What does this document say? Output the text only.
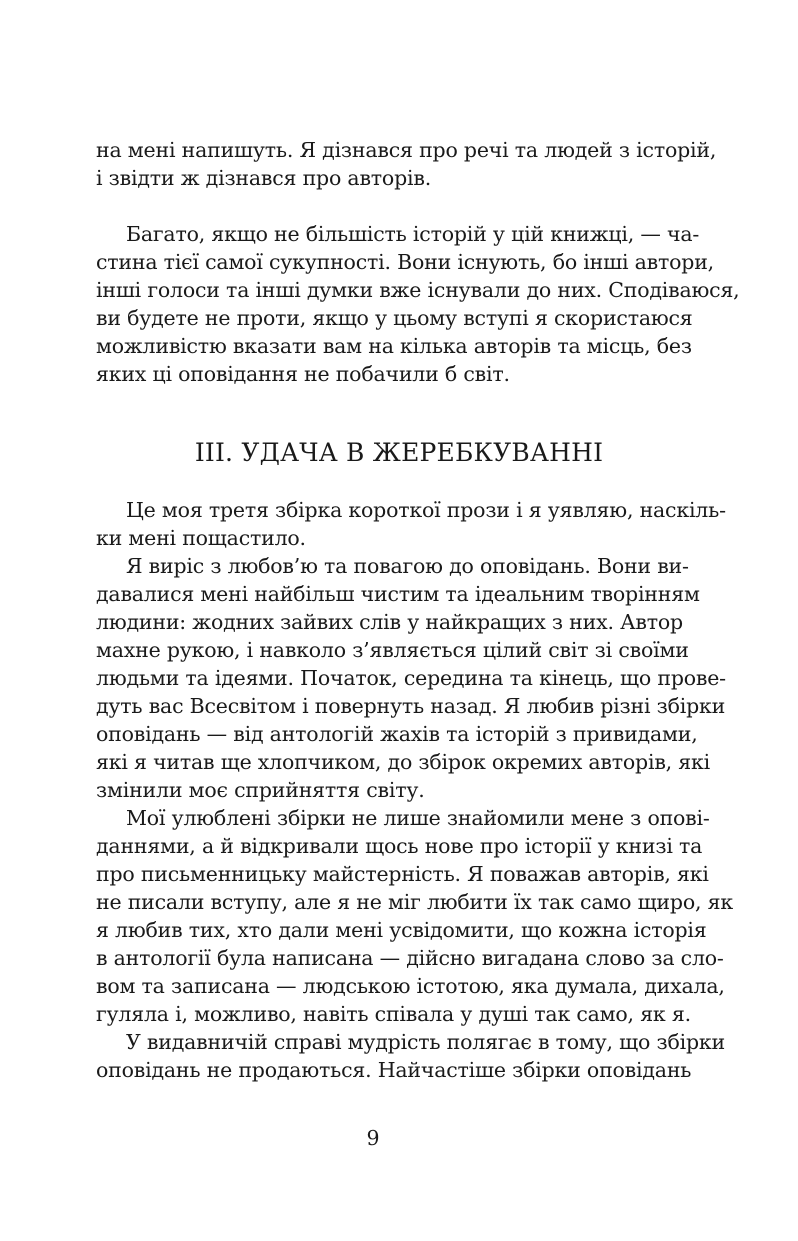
на мені напишуть. Я дізнався про речі та людей з історій,
і звідти ж дізнався про авторів.
Багато, якщо не більшість історій у цій книжці, — ча-
стина тієї самої сукупності. Вони існують, бо інші автори,
інші голоси та інші думки вже існували до них. Сподіваюся,
ви будете не проти, якщо у цьому вступі я скористаюся
можливістю вказати вам на кілька авторів та місць, без
яких ці оповідання не побачили б світ.
III. УДАЧА В ЖЕРЕБКУВАННІ
Це моя третя збірка короткої прози і я уявляю, наскіль-
ки мені пощастило.
Я виріс з любов’ю та повагою до оповідань. Вони ви-
давалися мені найбільш чистим та ідеальним творінням
людини: жодних зайвих слів у найкращих з них. Автор
махне рукою, і навколо з’являється цілий світ зі своїми
людьми та ідеями. Початок, середина та кінець, що прове-
дуть вас Всесвітом і повернуть назад. Я любив різні збірки
оповідань — від антологій жахів та історій з привидами,
які я читав ще хлопчиком, до збірок окремих авторів, які
змінили моє сприйняття світу.
Мої улюблені збірки не лише знайомили мене з опові-
даннями, а й відкривали щось нове про історії у книзі та
про письменницьку майстерність. Я поважав авторів, які
не писали вступу, але я не міг любити їх так само щиро, як
я любив тих, хто дали мені усвідомити, що кожна історія
в антології була написана — дійсно вигадана слово за сло-
вом та записана — людською істотою, яка думала, дихала,
гуляла і, можливо, навіть співала у душі так само, як я.
У видавничій справі мудрість полягає в тому, що збірки
оповідань не продаються. Найчастіше збірки оповідань
9
